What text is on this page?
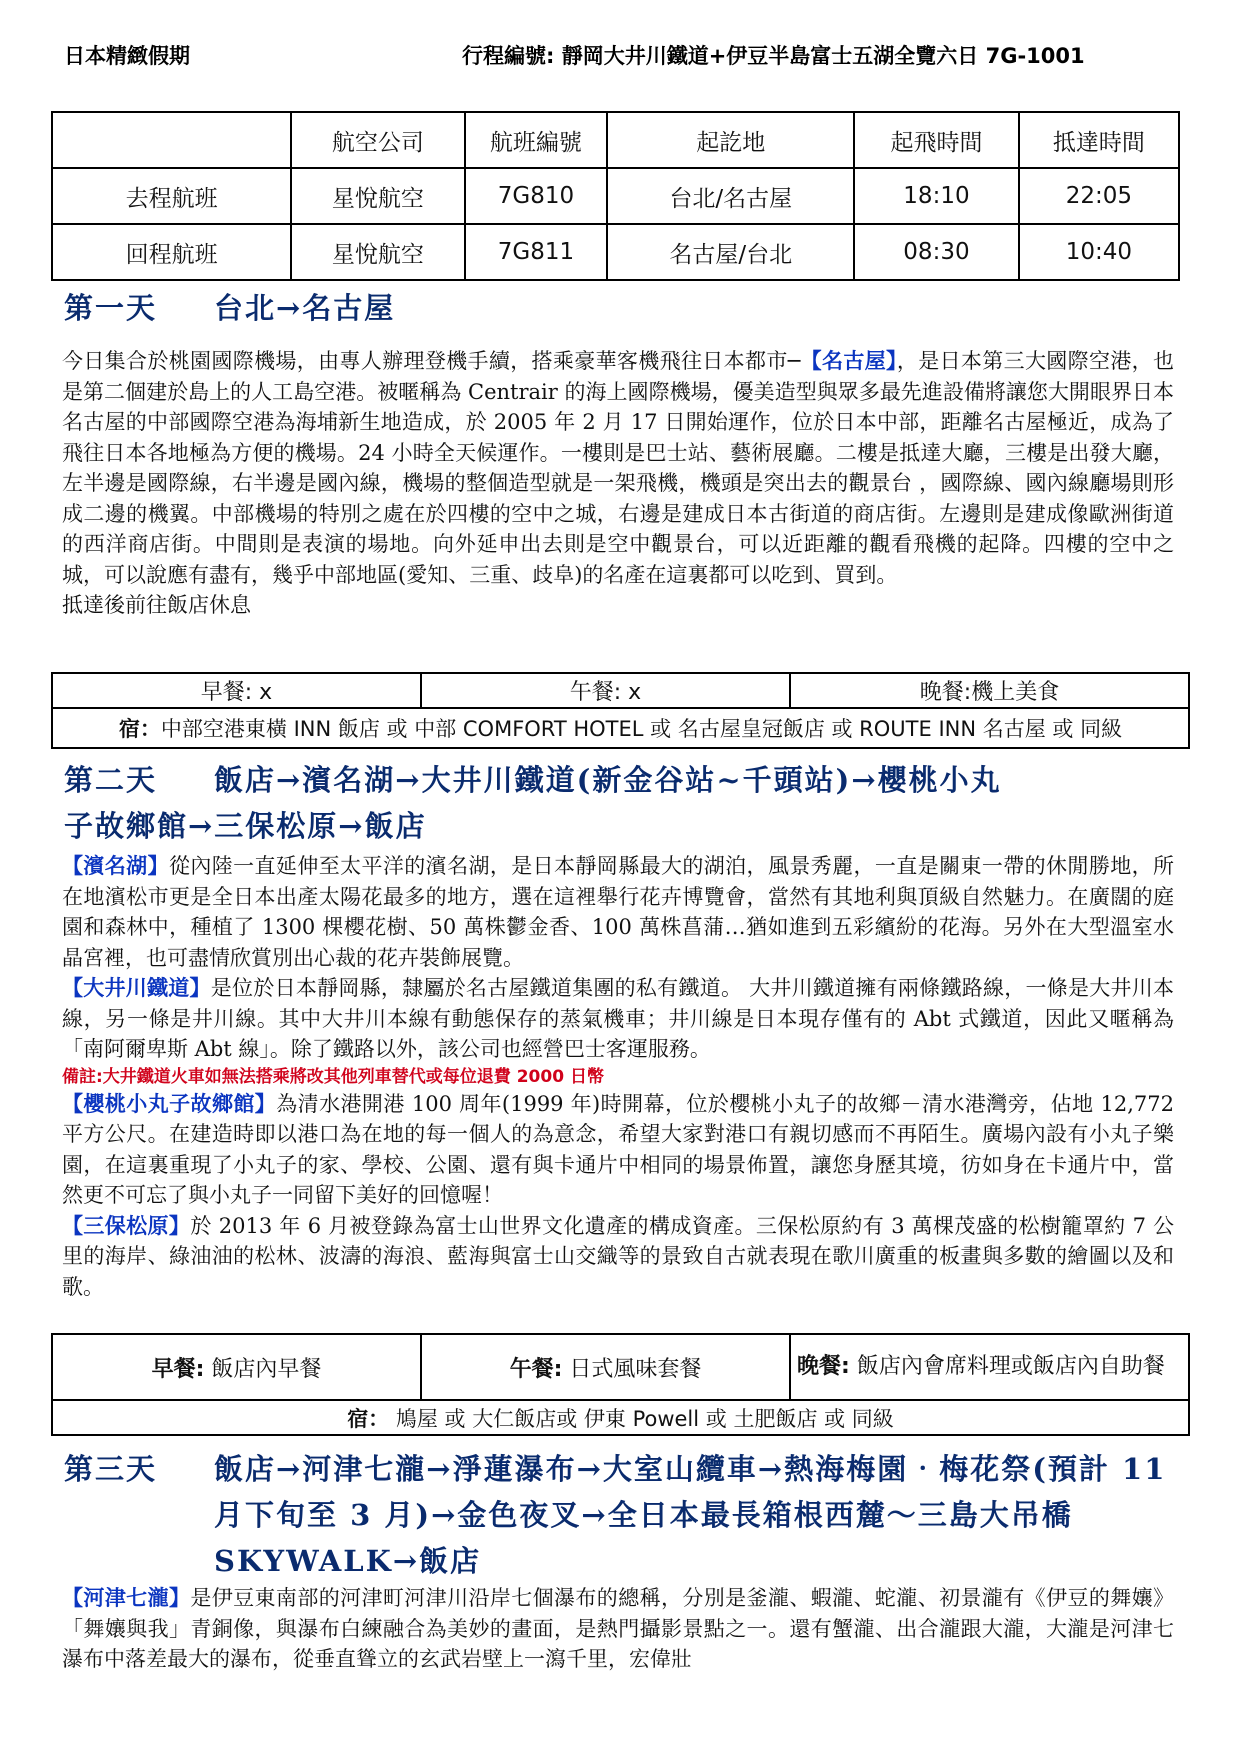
日本精緻假期	行程編號: 靜岡大井川鐵道+伊豆半島富士五湖全覽六日 7G-1001
	航空公司	航班編號	起訖地	起飛時間	抵達時間
去程航班	星悅航空	7G810	台北/名古屋	18:10	22:05
回程航班	星悅航空	7G811	名古屋/台北	08:30	10:40
第一天 台北→名古屋

今日集合於桃園國際機場，由專人辦理登機手續，搭乘豪華客機飛往日本都市─【名古屋】，是日本第三大國際空港，也是第二個建於島上的人工島空港。被暱稱為 Centrair 的海上國際機場，優美造型與眾多最先進設備將讓您大開眼界日本名古屋的中部國際空港為海埔新生地造成，於 2005 年 2 月 17 日開始運作，位於日本中部，距離名古屋極近，成為了飛往日本各地極為方便的機場。24 小時全天候運作。一樓則是巴士站、藝術展廳。二樓是抵達大廳，三樓是出發大廳，左半邊是國際線，右半邊是國內線，機場的整個造型就是一架飛機，機頭是突出去的觀景台 ，國際線、國內線廳場則形成二邊的機翼。中部機場的特別之處在於四樓的空中之城，右邊是建成日本古街道的商店街。左邊則是建成像歐洲街道的西洋商店街。中間則是表演的場地。向外延申出去則是空中觀景台，可以近距離的觀看飛機的起降。四樓的空中之城，可以說應有盡有，幾乎中部地區(愛知、三重、歧阜)的名產在這裏都可以吃到、買到。

抵達後前往飯店休息

早餐: x	午餐: x	晚餐:機上美食
宿：中部空港東橫 INN 飯店 或 中部 COMFORT HOTEL 或 名古屋皇冠飯店 或 ROUTE INN 名古屋 或 同級
第二天 飯店→濱名湖→大井川鐵道(新金谷站~千頭站)→櫻桃小丸
子故鄉館→三保松原→飯店

【濱名湖】從內陸一直延伸至太平洋的濱名湖，是日本靜岡縣最大的湖泊，風景秀麗，一直是關東一帶的休閒勝地，所在地濱松市更是全日本出產太陽花最多的地方，選在這裡舉行花卉博覽會，當然有其地利與頂級自然魅力。在廣闊的庭園和森林中，種植了 1300 棵櫻花樹、50 萬株鬱金香、100 萬株菖蒲…猶如進到五彩繽紛的花海。另外在大型溫室水晶宮裡，也可盡情欣賞別出心裁的花卉裝飾展覽。

【大井川鐵道】是位於日本靜岡縣，隸屬於名古屋鐵道集團的私有鐵道。 大井川鐵道擁有兩條鐵路線，一條是大井川本線，另一條是井川線。其中大井川本線有動態保存的蒸氣機車；井川線是日本現存僅有的 Abt 式鐵道，因此又暱稱為「南阿爾卑斯 Abt 線」。除了鐵路以外，該公司也經營巴士客運服務。

備註:大井鐵道火車如無法搭乘將改其他列車替代或每位退費 2000 日幣

【櫻桃小丸子故鄉館】為清水港開港 100 周年(1999 年)時開幕，位於櫻桃小丸子的故鄉－清水港灣旁，佔地 12,772 平方公尺。在建造時即以港口為在地的每一個人的為意念，希望大家對港口有親切感而不再陌生。廣場內設有小丸子樂園，在這裏重現了小丸子的家、學校、公園、還有與卡通片中相同的場景佈置，讓您身歷其境，彷如身在卡通片中，當然更不可忘了與小丸子一同留下美好的回憶喔！

【三保松原】於 2013 年 6 月被登錄為富士山世界文化遺產的構成資產。三保松原約有 3 萬棵茂盛的松樹籠罩約 7 公里的海岸、綠油油的松林、波濤的海浪、藍海與富士山交織等的景致自古就表現在歌川廣重的板畫與多數的繪圖以及和歌。

早餐: 飯店內早餐	午餐: 日式風味套餐	晚餐: 飯店內會席料理或飯店內自助餐
宿： 鳩屋 或 大仁飯店或 伊東 Powell 或 土肥飯店 或 同級
第三天 飯店→河津七瀧→淨蓮瀑布→大室山纜車→熱海梅園‧梅花祭(預計 11 月下旬至 3 月)→金色夜叉→全日本最長箱根西麓～三島大吊橋 SKYWALK→飯店

【河津七瀧】是伊豆東南部的河津町河津川沿岸七個瀑布的總稱，分別是釜瀧、蝦瀧、蛇瀧、初景瀧有《伊豆的舞孃》「舞孃與我」青銅像，與瀑布白練融合為美妙的畫面，是熱門攝影景點之一。還有蟹瀧、出合瀧跟大瀧，大瀧是河津七瀑布中落差最大的瀑布，從垂直聳立的玄武岩壁上一瀉千里，宏偉壯
